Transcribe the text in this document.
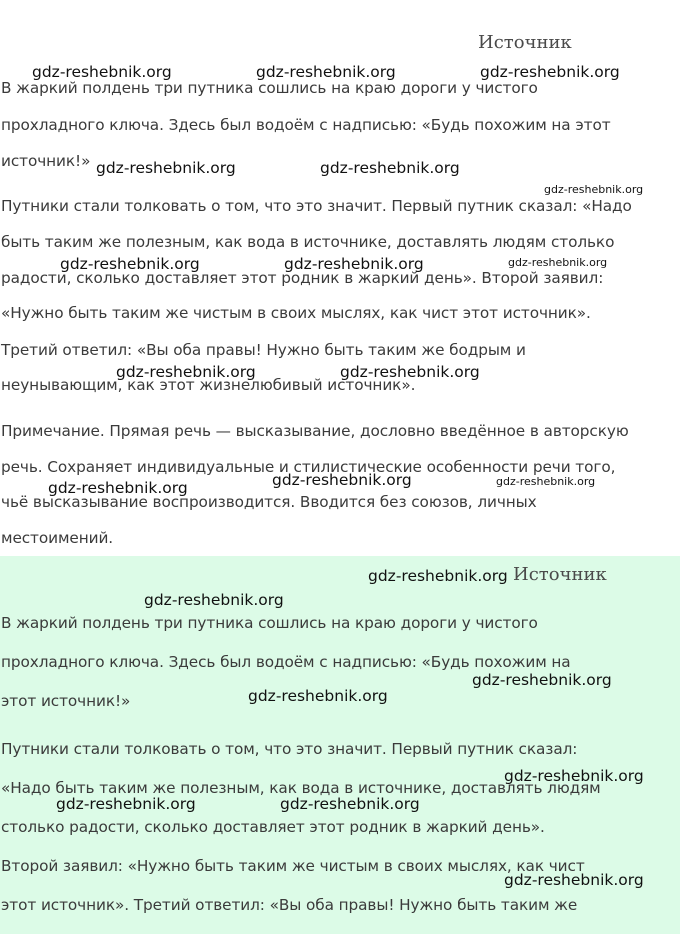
Источник
В жаркий полдень три путника сошлись на краю дороги у чистого
прохладного ключа. Здесь был водоём с надписью: «Будь похожим на этот
источник!»
Путники стали толковать о том, что это значит. Первый путник сказал: «Надо
быть таким же полезным, как вода в источнике, доставлять людям столько
радости, сколько доставляет этот родник в жаркий день». Второй заявил:
«Нужно быть таким же чистым в своих мыслях, как чист этот источник».
Третий ответил: «Вы оба правы! Нужно быть таким же бодрым и
неунывающим, как этот жизнелюбивый источник».
Примечание. Прямая речь — высказывание, дословно введённое в авторскую
речь. Сохраняет индивидуальные и стилистические особенности речи того,
чьё высказывание воспроизводится. Вводится без союзов, личных
местоимений.
Источник
В жаркий полдень три путника сошлись на краю дороги у чистого
прохладного ключа. Здесь был водоём с надписью: «Будь похожим на
этот источник!»
Путники стали толковать о том, что это значит. Первый путник сказал:
«Надо быть таким же полезным, как вода в источнике, доставлять людям
столько радости, сколько доставляет этот родник в жаркий день».
Второй заявил: «Нужно быть таким же чистым в своих мыслях, как чист
этот источник». Третий ответил: «Вы оба правы! Нужно быть таким же
gdz-reshebnik.org	gdz-reshebnik.org	gdz-reshebnik.org
gdz-reshebnik.org	gdz-reshebnik.org
gdz-reshebnik.org
gdz-reshebnik.org	gdz-reshebnik.org	gdz-reshebnik.org
gdz-reshebnik.org	gdz-reshebnik.org
gdz-reshebnik.org	gdz-reshebnik.org	gdz-reshebnik.org
gdz-reshebnik.org
gdz-reshebnik.org
gdz-reshebnik.org
gdz-reshebnik.org
gdz-reshebnik.org
gdz-reshebnik.org	gdz-reshebnik.org
gdz-reshebnik.org
